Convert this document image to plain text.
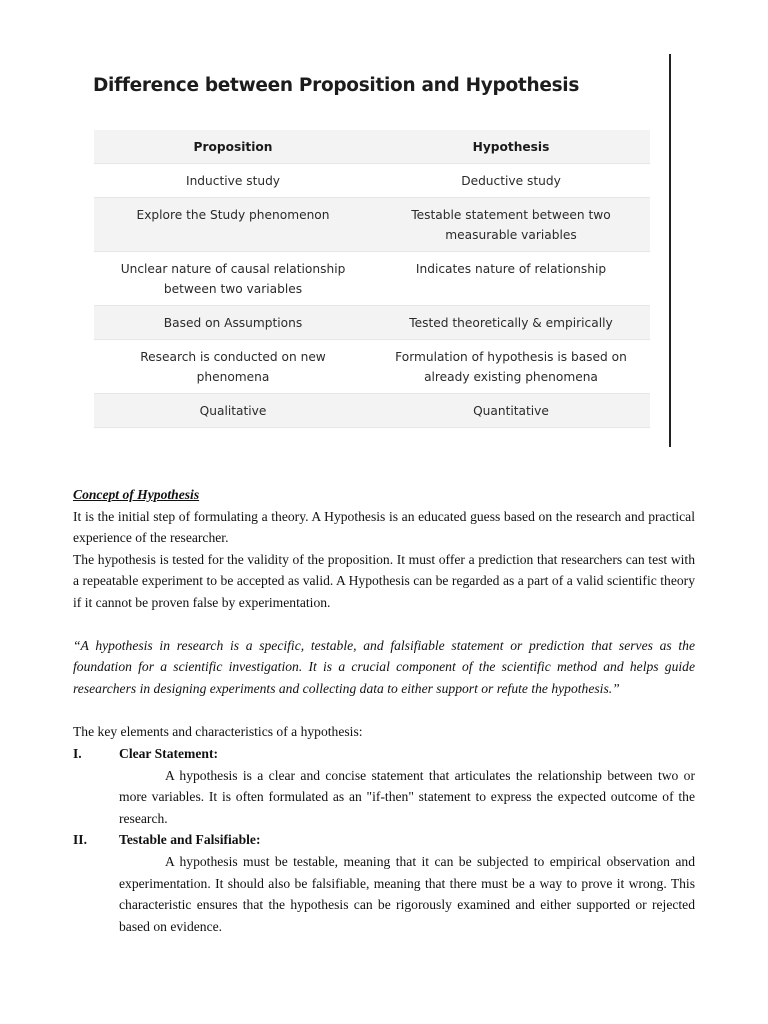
Difference between Proposition and Hypothesis
Proposition	Hypothesis
Inductive study	Deductive study
Explore the Study phenomenon	Testable statement between two measurable variables
Unclear nature of causal relationship between two variables	Indicates nature of relationship
Based on Assumptions	Tested theoretically & empirically
Research is conducted on new phenomena	Formulation of hypothesis is based on already existing phenomena
Qualitative	Quantitative

Concept of Hypothesis

It is the initial step of formulating a theory. A Hypothesis is an educated guess based on the research and practical experience of the researcher.

The hypothesis is tested for the validity of the proposition. It must offer a prediction that researchers can test with a repeatable experiment to be accepted as valid. A Hypothesis can be regarded as a part of a valid scientific theory if it cannot be proven false by experimentation.

“A hypothesis in research is a specific, testable, and falsifiable statement or prediction that serves as the foundation for a scientific investigation. It is a crucial component of the scientific method and helps guide researchers in designing experiments and collecting data to either support or refute the hypothesis.”

The key elements and characteristics of a hypothesis:

I.	Clear Statement:

A hypothesis is a clear and concise statement that articulates the relationship between two or more variables. It is often formulated as an "if-then" statement to express the expected outcome of the research.

II.	Testable and Falsifiable:

A hypothesis must be testable, meaning that it can be subjected to empirical observation and experimentation. It should also be falsifiable, meaning that there must be a way to prove it wrong. This characteristic ensures that the hypothesis can be rigorously examined and either supported or rejected based on evidence.
